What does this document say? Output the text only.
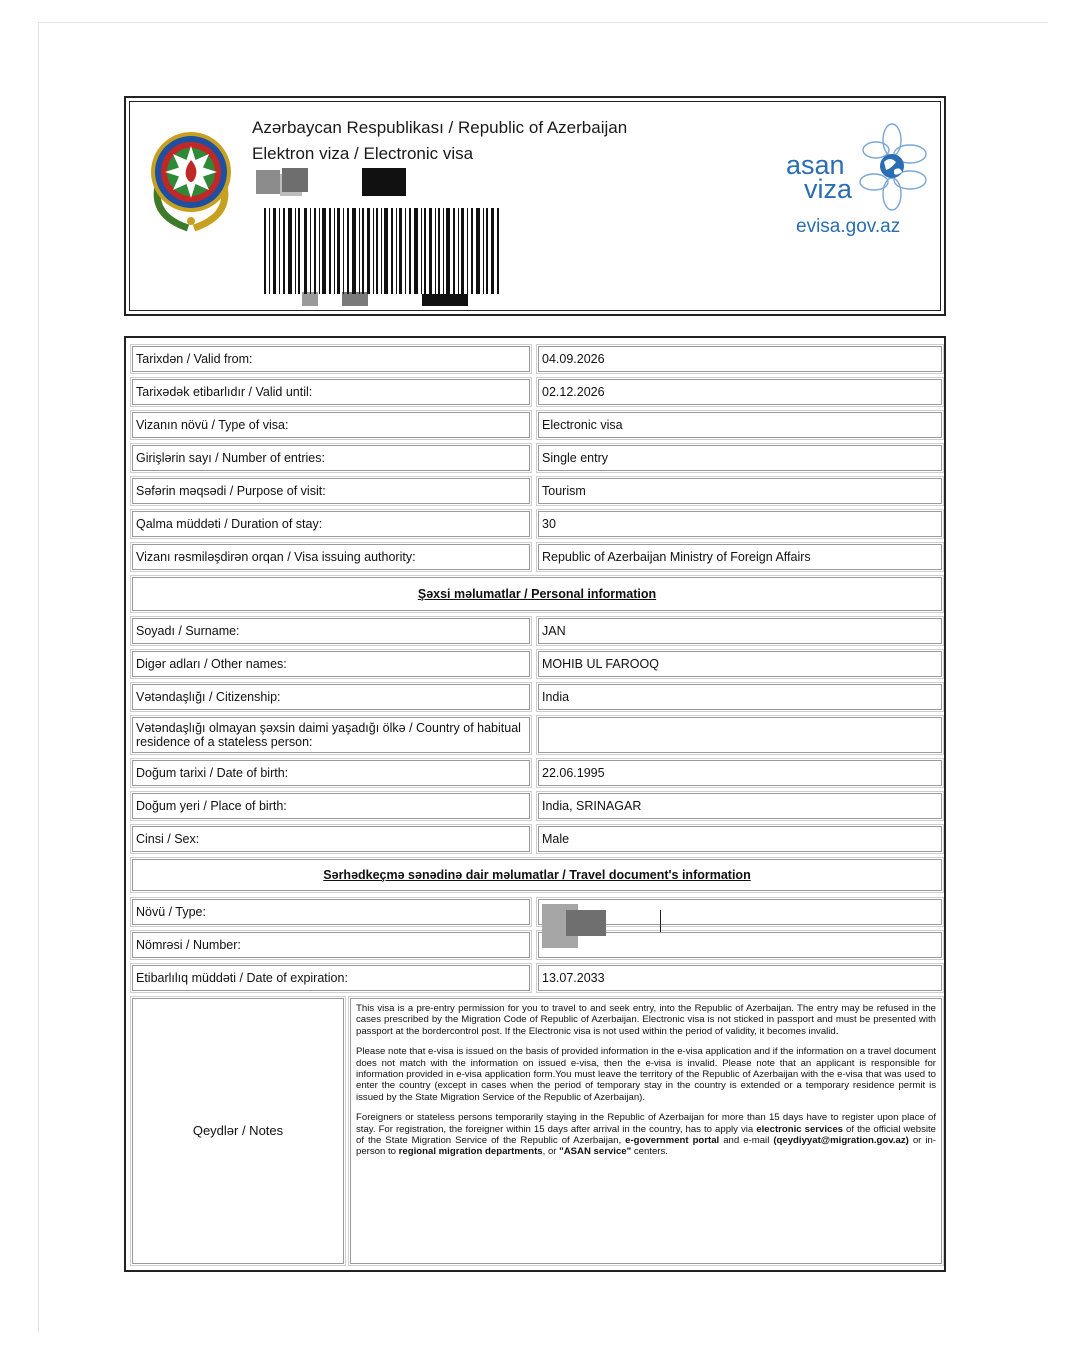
Azərbaycan Respublikası / Republic of Azerbaijan
Elektron viza / Electronic visa	asan
viza
evisa.gov.az
Tarixdən / Valid from:	04.09.2026
Tarixədək etibarlıdır / Valid until:	02.12.2026
Vizanın növü / Type of visa:	Electronic visa
Girişlərin sayı / Number of entries:	Single entry
Səfərin məqsədi / Purpose of visit:	Tourism
Qalma müddəti / Duration of stay:	30
Vizanı rəsmiləşdirən orqan / Visa issuing authority:	Republic of Azerbaijan Ministry of Foreign Affairs
Şəxsi məlumatlar / Personal information
Soyadı / Surname:	JAN
Digər adları / Other names:	MOHIB UL FAROOQ
Vətəndaşlığı / Citizenship:	India
Vətəndaşlığı olmayan şəxsin daimi yaşadığı ölkə / Country of habitual residence of a stateless person:
Doğum tarixi / Date of birth:	22.06.1995
Doğum yeri / Place of birth:	India, SRINAGAR
Cinsi / Sex:	Male
Sərhədkeçmə sənədinə dair məlumatlar / Travel document's information
Növü / Type:
Nömrəsi / Number:
Etibarlılıq müddəti / Date of expiration:	13.07.2033
Qeydlər / Notes

This visa is a pre-entry permission for you to travel to and seek entry, into the Republic of Azerbaijan. The entry may be refused in the cases prescribed by the Migration Code of Republic of Azerbaijan. Electronic visa is not sticked in passport and must be presented with passport at the bordercontrol post. If the Electronic visa is not used within the period of validity, it becomes invalid.

Please note that e-visa is issued on the basis of provided information in the e-visa application and if the information on a travel document does not match with the information on issued e-visa, then the e-visa is invalid. Please note that an applicant is responsible for information provided in e-visa application form.You must leave the territory of the Republic of Azerbaijan with the e-visa that was used to enter the country (except in cases when the period of temporary stay in the country is extended or a temporary residence permit is issued by the State Migration Service of the Republic of Azerbaijan).

Foreigners or stateless persons temporarily staying in the Republic of Azerbaijan for more than 15 days have to register upon place of stay. For registration, the foreigner within 15 days after arrival in the country, has to apply via electronic services of the official website of the State Migration Service of the Republic of Azerbaijan, e-government portal and e-mail (qeydiyyat@migration.gov.az) or in-person to regional migration departments, or "ASAN service" centers.
